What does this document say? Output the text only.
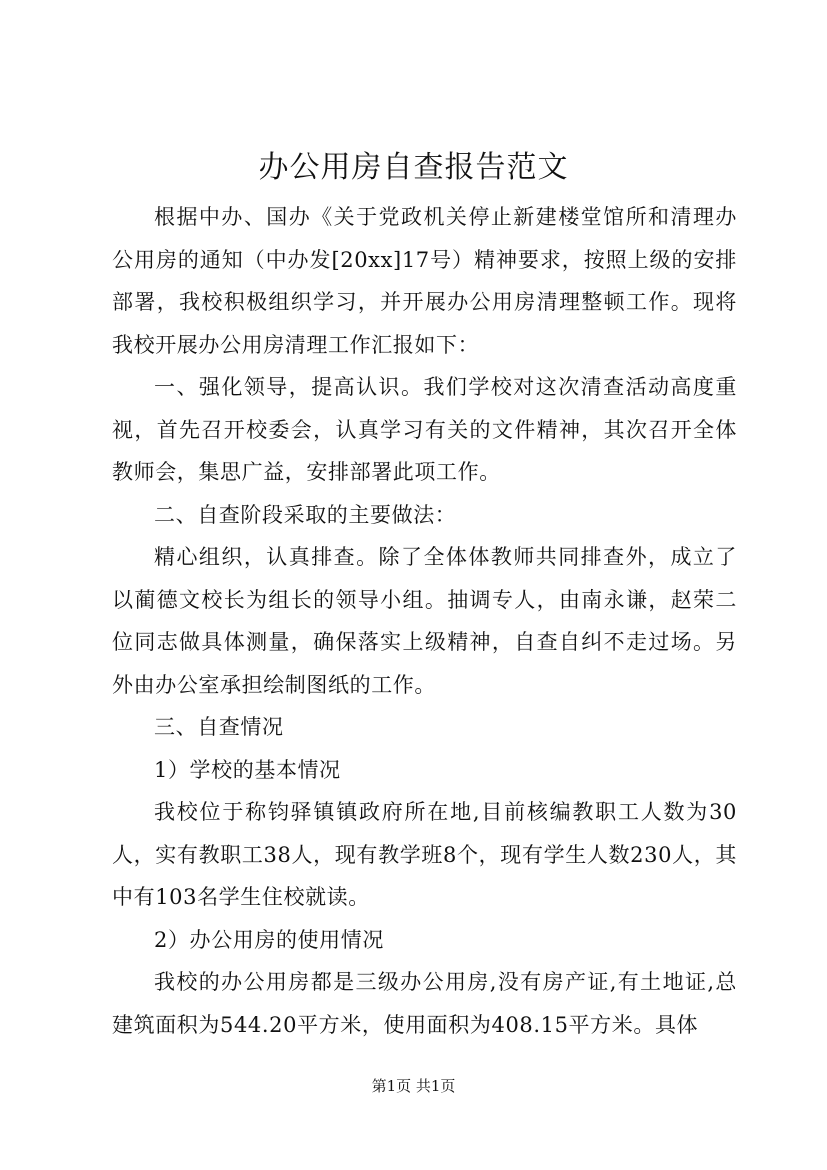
办公用房自查报告范文

根据中办、国办《关于党政机关停止新建楼堂馆所和清理办公用房的通知（中办发[20xx]17号）精神要求，按照上级的安排部署，我校积极组织学习，并开展办公用房清理整顿工作。现将我校开展办公用房清理工作汇报如下：

一、强化领导，提高认识。我们学校对这次清查活动高度重视，首先召开校委会，认真学习有关的文件精神，其次召开全体教师会，集思广益，安排部署此项工作。

二、自查阶段采取的主要做法：

精心组织，认真排查。除了全体体教师共同排查外，成立了以蔺德文校长为组长的领导小组。抽调专人，由南永谦，赵荣二位同志做具体测量，确保落实上级精神，自查自纠不走过场。另外由办公室承担绘制图纸的工作。

三、自查情况

1）学校的基本情况

我校位于称钧驿镇镇政府所在地,目前核编教职工人数为30人，实有教职工38人，现有教学班8个，现有学生人数230人，其中有103名学生住校就读。

2）办公用房的使用情况

我校的办公用房都是三级办公用房,没有房产证,有土地证,总建筑面积为544.20平方米，使用面积为408.15平方米。具体

第1页 共1页
